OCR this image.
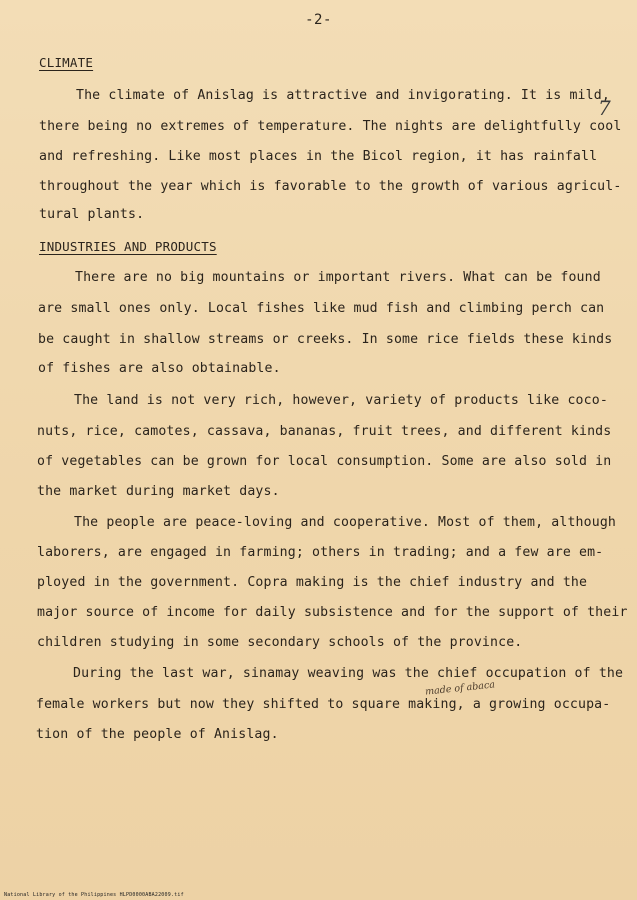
-2-
CLIMATE
The climate of Anislag is attractive and invigorating. It is mild,
there being no extremes of temperature. The nights are delightfully cool
and refreshing. Like most places in the Bicol region, it has rainfall
throughout the year which is favorable to the growth of various agricul-
tural plants.
INDUSTRIES AND PRODUCTS
There are no big mountains or important rivers. What can be found
are small ones only. Local fishes like mud fish and climbing perch can
be caught in shallow streams or creeks. In some rice fields these kinds
of fishes are also obtainable.
The land is not very rich, however, variety of products like coco-
nuts, rice, camotes, cassava, bananas, fruit trees, and different kinds
of vegetables can be grown for local consumption. Some are also sold in
the market during market days.
The people are peace-loving and cooperative. Most of them, although
laborers, are engaged in farming; others in trading; and a few are em-
ployed in the government. Copra making is the chief industry and the
major source of income for daily subsistence and for the support of their
children studying in some secondary schools of the province.
During the last war, sinamay weaving was the chief occupation of the
female workers but now they shifted to square making, a growing occupa-
tion of the people of Anislag.
7
made of abaca
National Library of the Philippines HLPD0000ABA22009.tif
